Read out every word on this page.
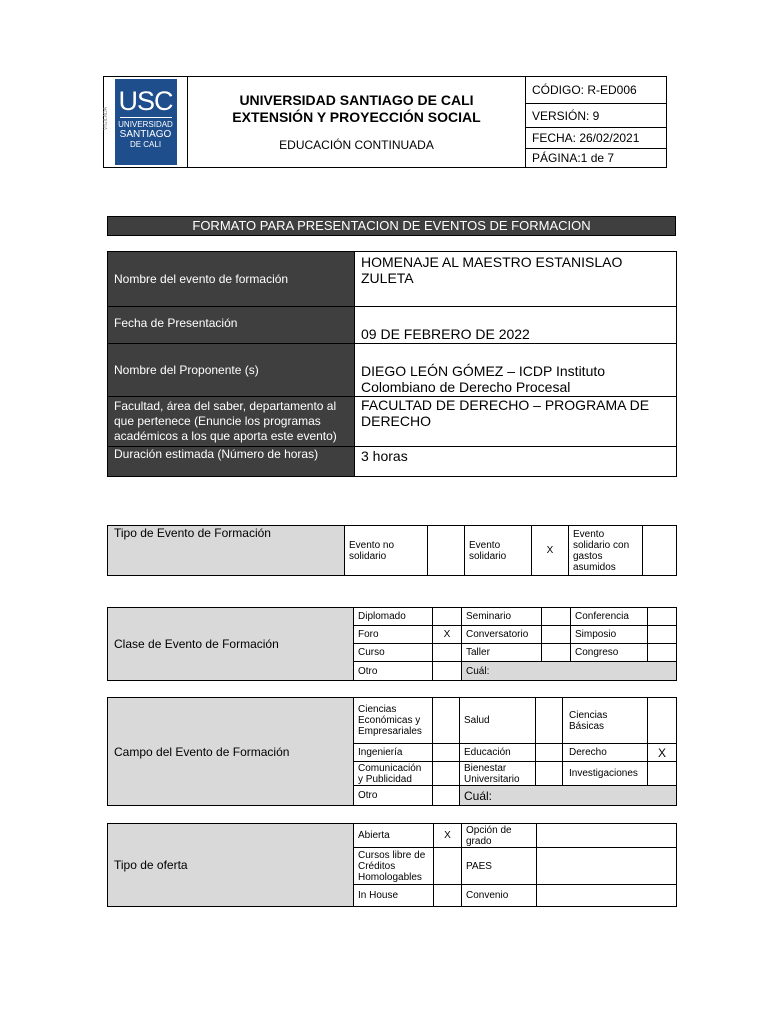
VIGILADA
USC
UNIVERSIDAD
SANTIAGO
DE CALI

UNIVERSIDAD SANTIAGO DE CALI
EXTENSIÓN Y PROYECCIÓN SOCIAL
EDUCACIÓN CONTINUADA
	CÓDIGO: R-ED006
VERSIÓN: 9
FECHA: 26/02/2021
PÁGINA:1 de 7
FORMATO PARA PRESENTACION DE EVENTOS DE FORMACION
Nombre del evento de formación	HOMENAJE AL MAESTRO ESTANISLAO ZULETA
Fecha de Presentación	09 DE FEBRERO DE 2022
Nombre del Proponente (s)	DIEGO LEÓN GÓMEZ – ICDP Instituto Colombiano de Derecho Procesal
Facultad, área del saber, departamento al que pertenece (Enuncie los programas académicos a los que aporta este evento)	FACULTAD DE DERECHO – PROGRAMA DE DERECHO
Duración estimada (Número de horas)	3 horas
Tipo de Evento de Formación	Evento no solidario		Evento solidario	X	Evento solidario con gastos asumidos	
Clase de Evento de Formación	Diplomado		Seminario		Conferencia	
	Foro	X	Conversatorio		Simposio	
	Curso		Taller		Congreso	
	Otro		Cuál:			
Campo del Evento de Formación	Ciencias Económicas y Empresariales		Salud		Ciencias Básicas	
	Ingeniería		Educación		Derecho	X
	Comunicación y Publicidad		Bienestar Universitario		Investigaciones	
	Otro		Cuál:			
Tipo de oferta	Abierta	X	Opción de grado	
	Cursos libre de Créditos Homologables		PAES	
	In House		Convenio	
